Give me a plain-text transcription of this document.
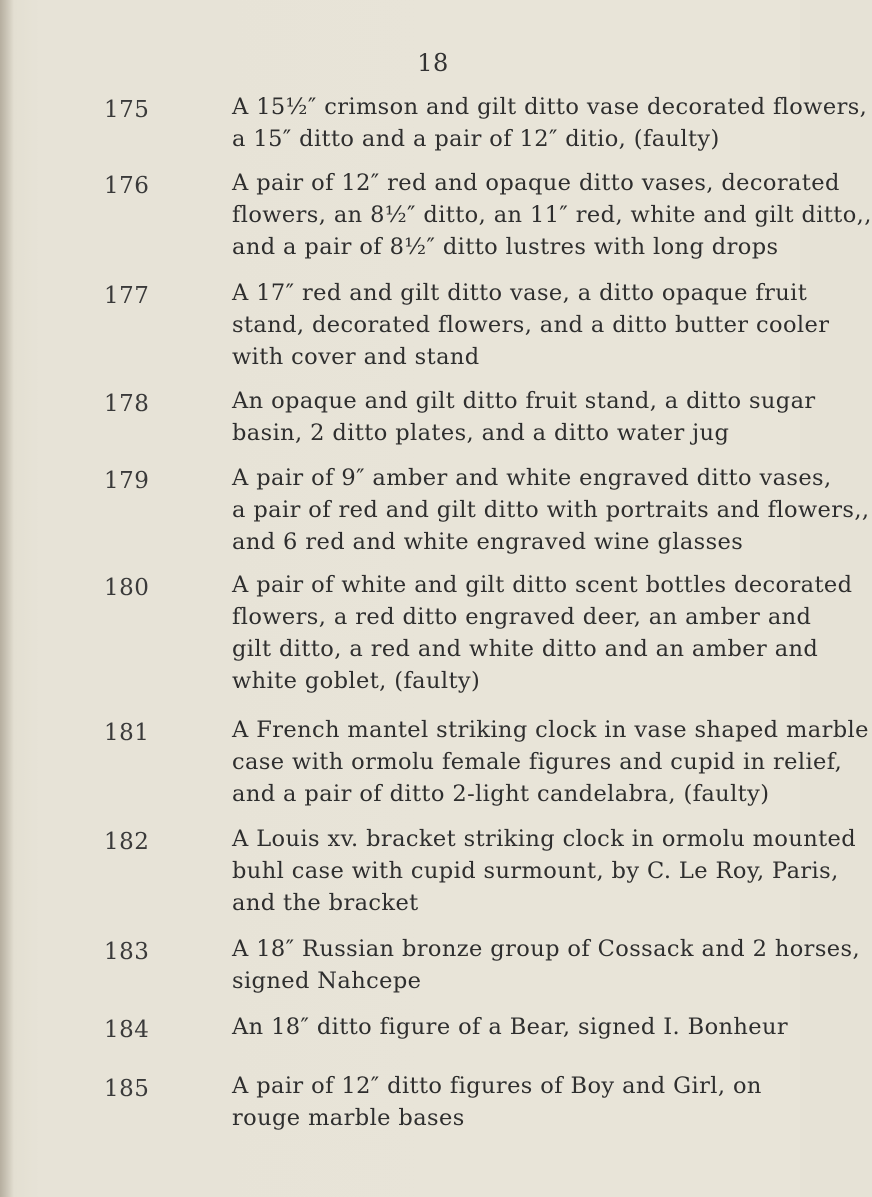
18
175	A 15½″ crimson and gilt ditto vase decorated flowers,
a 15″ ditto and a pair of 12″ ditio, (faulty)
176	A pair of 12″ red and opaque ditto vases, decorated
flowers, an 8½″ ditto, an 11″ red, white and gilt ditto,,
and a pair of 8½″ ditto lustres with long drops
177	A 17″ red and gilt ditto vase, a ditto opaque fruit
stand, decorated flowers, and a ditto butter cooler
with cover and stand
178	An opaque and gilt ditto fruit stand, a ditto sugar
basin, 2 ditto plates, and a ditto water jug
179	A pair of 9″ amber and white engraved ditto vases,
a pair of red and gilt ditto with portraits and flowers,,
and 6 red and white engraved wine glasses
180	A pair of white and gilt ditto scent bottles decorated
flowers, a red ditto engraved deer, an amber and
gilt ditto, a red and white ditto and an amber and
white goblet, (faulty)
181	A French mantel striking clock in vase shaped marble
case with ormolu female figures and cupid in relief,
and a pair of ditto 2-light candelabra, (faulty)
182	A Louis xv. bracket striking clock in ormolu mounted
buhl case with cupid surmount, by C. Le Roy, Paris,
and the bracket
183	A 18″ Russian bronze group of Cossack and 2 horses,
signed Nahcepe
184	An 18″ ditto figure of a Bear, signed I. Bonheur
185	A pair of 12″ ditto figures of Boy and Girl, on
rouge marble bases
